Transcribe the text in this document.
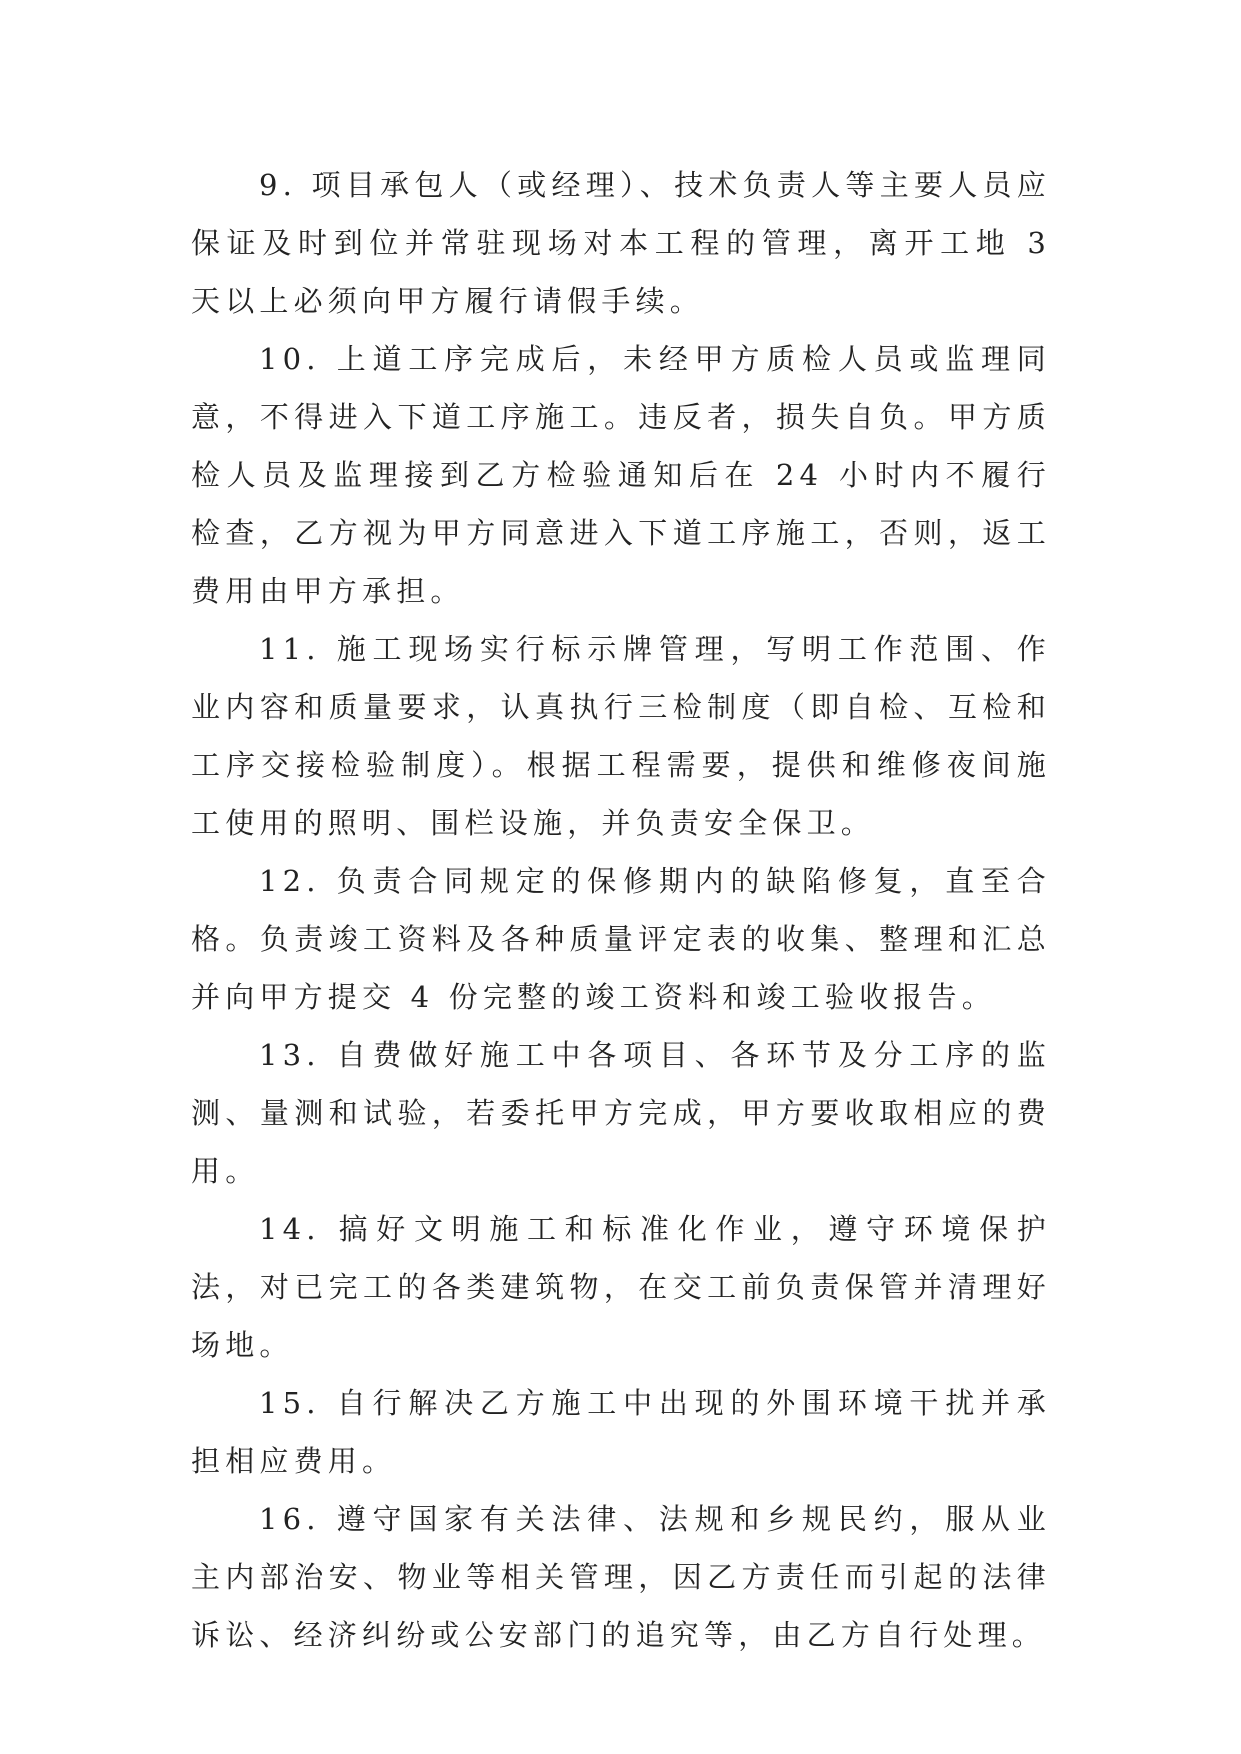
9. 项目承包人（或经理）、技术负责人等主要人员应保证及时到位并常驻现场对本工程的管理，离开工地 3 天以上必须向甲方履行请假手续。

10. 上道工序完成后，未经甲方质检人员或监理同意，不得进入下道工序施工。违反者，损失自负。甲方质检人员及监理接到乙方检验通知后在 24 小时内不履行检查，乙方视为甲方同意进入下道工序施工，否则，返工费用由甲方承担。

11. 施工现场实行标示牌管理，写明工作范围、作业内容和质量要求，认真执行三检制度（即自检、互检和工序交接检验制度）。根据工程需要，提供和维修夜间施工使用的照明、围栏设施，并负责安全保卫。

12. 负责合同规定的保修期内的缺陷修复，直至合格。负责竣工资料及各种质量评定表的收集、整理和汇总并向甲方提交 4 份完整的竣工资料和竣工验收报告。

13. 自费做好施工中各项目、各环节及分工序的监测、量测和试验，若委托甲方完成，甲方要收取相应的费用。

14. 搞好文明施工和标准化作业，遵守环境保护法，对已完工的各类建筑物，在交工前负责保管并清理好场地。

15. 自行解决乙方施工中出现的外围环境干扰并承担相应费用。

16. 遵守国家有关法律、法规和乡规民约，服从业主内部治安、物业等相关管理，因乙方责任而引起的法律诉讼、经济纠纷或公安部门的追究等，由乙方自行处理。
